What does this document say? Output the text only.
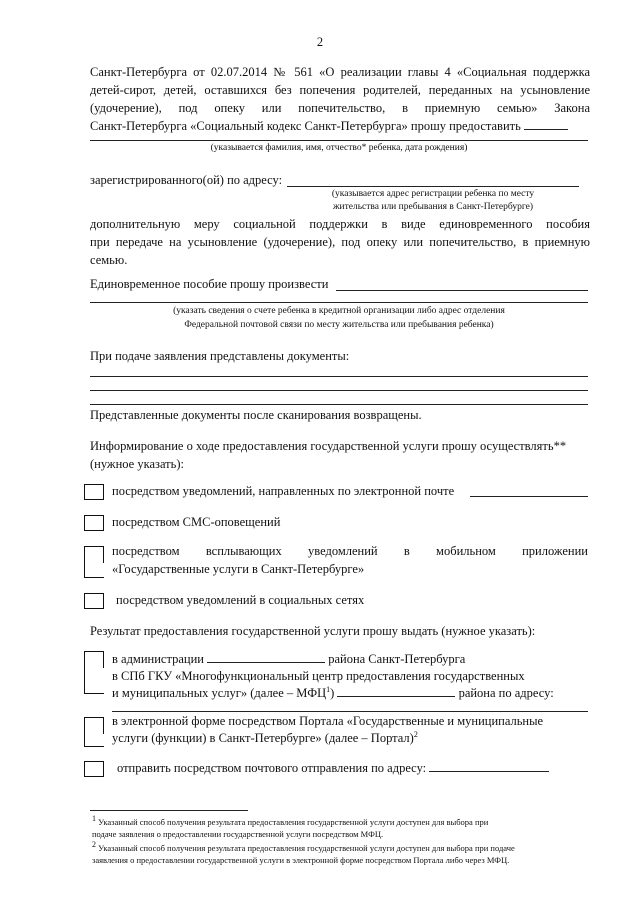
2
Санкт-Петербурга от 02.07.2014 № 561 «О реализации главы 4 «Социальная поддержка
детей-сирот, детей, оставшихся без попечения родителей, переданных на усыновление
(удочерение), под опеку или попечительство, в приемную семью» Закона
Санкт-Петербурга «Социальный кодекс Санкт-Петербурга» прошу предоставить
(указывается фамилия, имя, отчество* ребенка, дата рождения)
зарегистрированного(ой) по адресу:
(указывается адрес регистрации ребенка по месту
жительства или пребывания в Санкт-Петербурге)
дополнительную меру социальной поддержки в виде единовременного пособия
при передаче на усыновление (удочерение), под опеку или попечительство, в приемную
семью.
Единовременное пособие прошу произвести
(указать сведения о счете ребенка в кредитной организации либо адрес отделения
Федеральной почтовой связи по месту жительства или пребывания ребенка)
При подаче заявления представлены документы:
Представленные документы после сканирования возвращены.
Информирование о ходе предоставления государственной услуги прошу осуществлять**
(нужное указать):
посредством уведомлений, направленных по электронной почте
посредством СМС-оповещений
посредством всплывающих уведомлений в мобильном приложении
«Государственные услуги в Санкт-Петербурге»
посредством уведомлений в социальных сетях
Результат предоставления государственной услуги прошу выдать (нужное указать):
в администрации	района Санкт-Петербурга
в СПб ГКУ «Многофункциональный центр предоставления государственных
и муниципальных услуг» (далее – МФЦ$^1$)	района по адресу:
в электронной форме посредством Портала «Государственные и муниципальные
услуги (функции) в Санкт-Петербурге» (далее – Портал)$^2$
отправить посредством почтового отправления по адресу:
$^1$ Указанный способ получения результата предоставления государственной услуги доступен для выбора при
подаче заявления о предоставлении государственной услуги посредством МФЦ.
$^2$ Указанный способ получения результата предоставления государственной услуги доступен для выбора при подаче
заявления о предоставлении государственной услуги в электронной форме посредством Портала либо через МФЦ.
